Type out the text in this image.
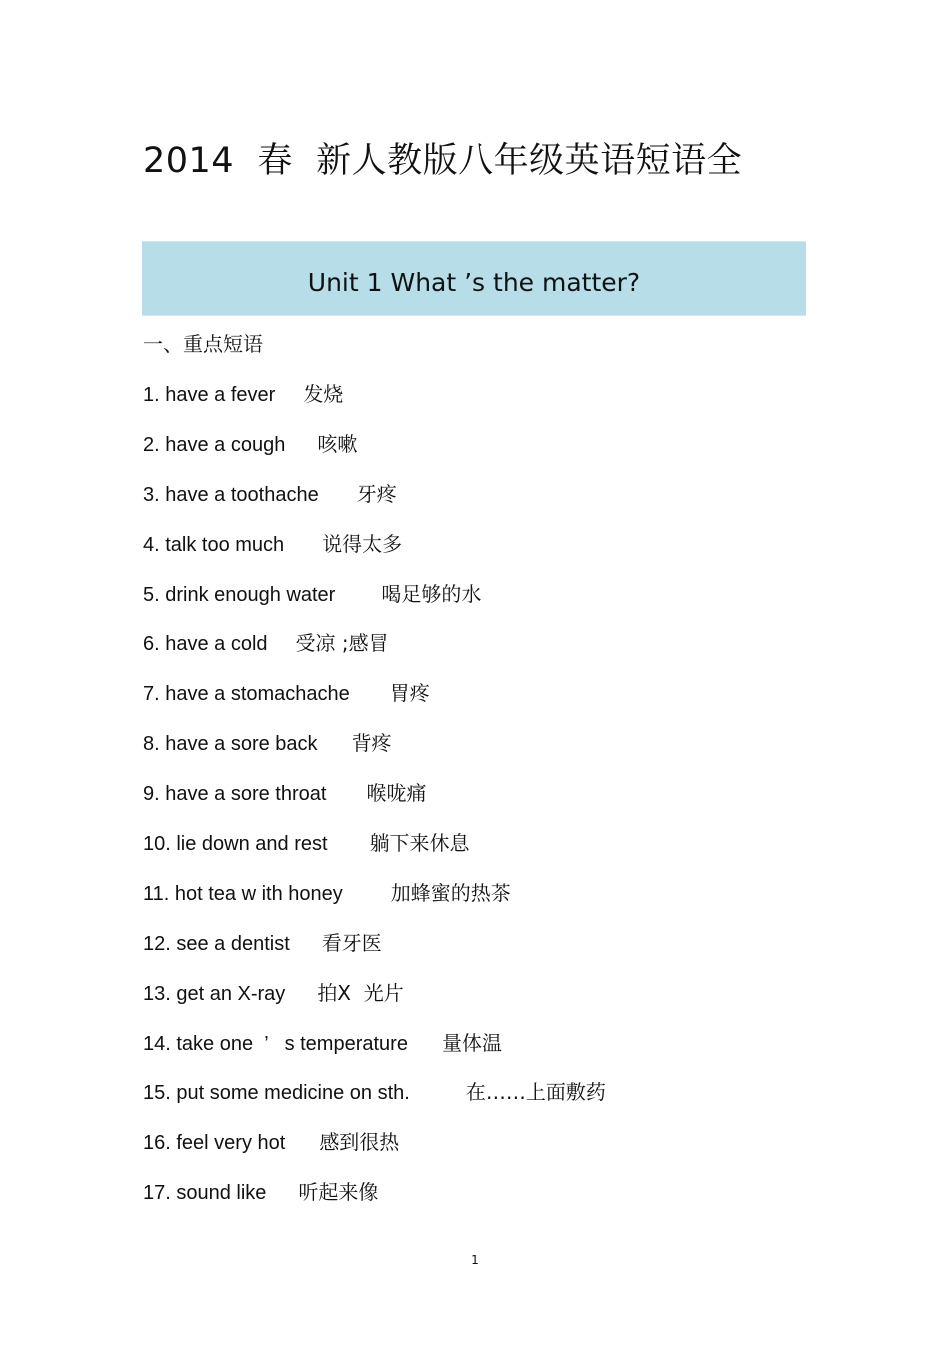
2014  春  新人教版八年级英语短语全
Unit 1 What ’s the matter?
一、重点短语
1. have a fever 发烧
2. have a cough 咳嗽
3. have a toothache 牙疼
4. talk too much 说得太多
5. drink enough water 喝足够的水
6. have a cold 受凉 ;感冒
7. have a stomachache 胃疼
8. have a sore back 背疼
9. have a sore throat 喉咙痛
10. lie down and rest 躺下来休息
11. hot tea w ith honey 加蜂蜜的热茶
12. see a dentist 看牙医
13. get an X-ray 拍X  光片
14. take one  ’   s temperature 量体温
15. put some medicine on sth.	在……上面敷药
16. feel very hot 感到很热
17. sound like 听起来像
1
